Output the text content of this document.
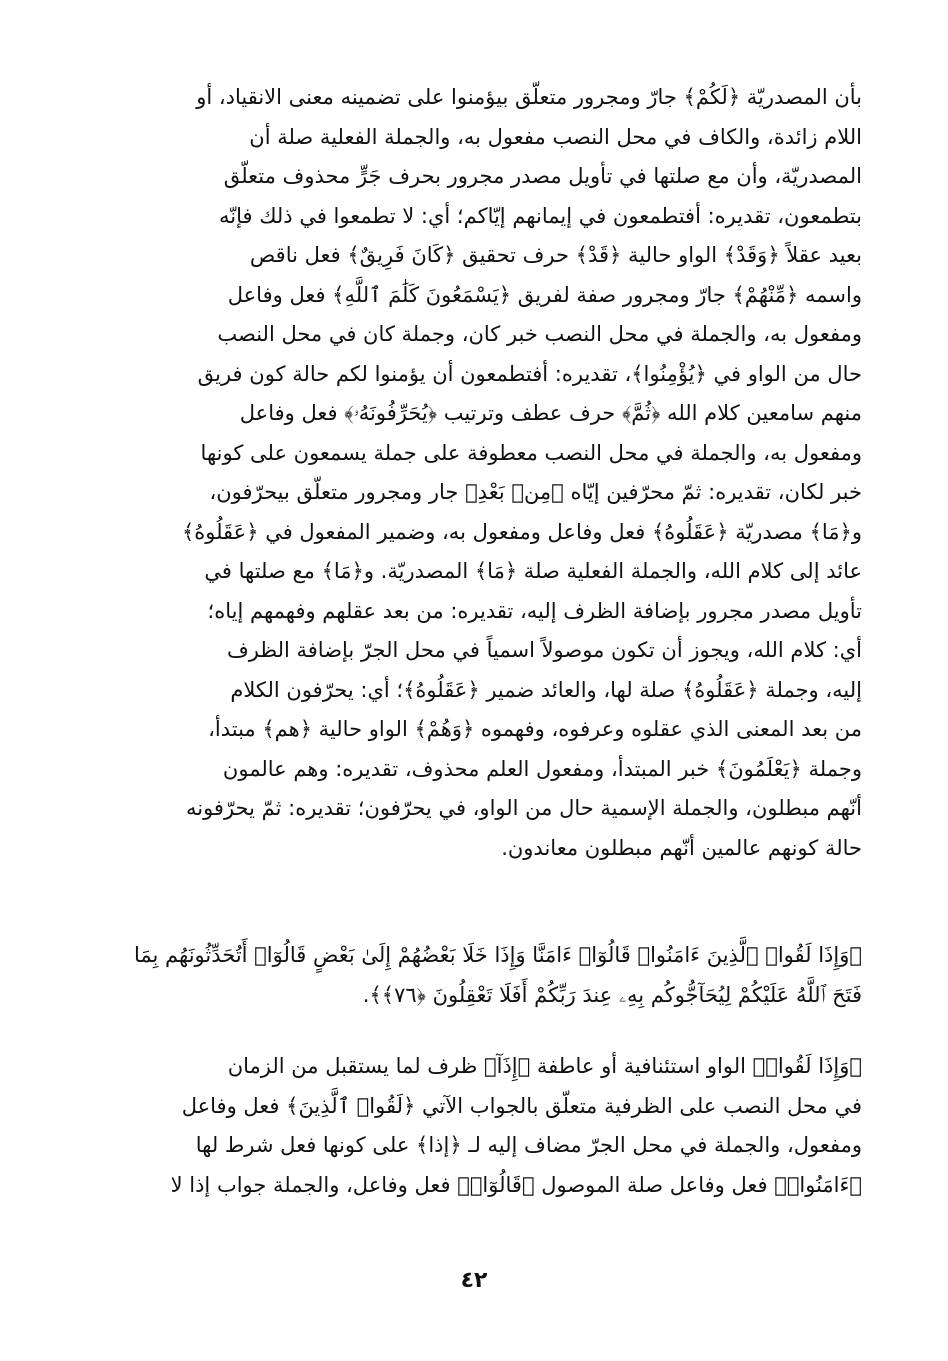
بأن المصدريّة ﴿لَكُمْ﴾ جارّ ومجرور متعلّق بيؤمنوا على تضمينه معنى الانقياد، أو
اللام زائدة، والكاف في محل النصب مفعول به، والجملة الفعلية صلة أن
المصدريّة، وأن مع صلتها في تأويل مصدر مجرور بحرف جَرٍّ محذوف متعلّق
بتطمعون، تقديره: أفتطمعون في إيمانهم إيّاكم؛ أي: لا تطمعوا في ذلك فإنّه
بعيد عقلاً ﴿وَقَدْ﴾ الواو حالية ﴿قَدْ﴾ حرف تحقيق ﴿كَانَ فَرِيقٌ﴾ فعل ناقص
واسمه ﴿مِّنْهُمْ﴾ جارّ ومجرور صفة لفريق ﴿يَسْمَعُونَ كَلَٰمَ ٱللَّهِ﴾ فعل وفاعل
ومفعول به، والجملة في محل النصب خبر كان، وجملة كان في محل النصب
حال من الواو في ﴿يُؤْمِنُوا﴾، تقديره: أفتطمعون أن يؤمنوا لكم حالة كون فريق
منهم سامعين كلام الله ﴿ثُمَّ﴾ حرف عطف وترتيب ﴿يُحَرِّفُونَهُۥ﴾ فعل وفاعل
ومفعول به، والجملة في محل النصب معطوفة على جملة يسمعون على كونها
خبر لكان، تقديره: ثمّ محرّفين إيّاه ﴿مِنۢ بَعْدِ﴾ جار ومجرور متعلّق بيحرّفون،
و﴿مَا﴾ مصدريّة ﴿عَقَلُوهُ﴾ فعل وفاعل ومفعول به، وضمير المفعول في ﴿عَقَلُوهُ﴾
عائد إلى كلام الله، والجملة الفعلية صلة ﴿مَا﴾ المصدريّة. و﴿مَا﴾ مع صلتها في
تأويل مصدر مجرور بإضافة الظرف إليه، تقديره: من بعد عقلهم وفهمهم إياه؛
أي: كلام الله، ويجوز أن تكون موصولاً اسمياً في محل الجرّ بإضافة الظرف
إليه، وجملة ﴿عَقَلُوهُ﴾ صلة لها، والعائد ضمير ﴿عَقَلُوهُ﴾؛ أي: يحرّفون الكلام
من بعد المعنى الذي عقلوه وعرفوه، وفهموه ﴿وَهُمْ﴾ الواو حالية ﴿هم﴾ مبتدأ،
وجملة ﴿يَعْلَمُونَ﴾ خبر المبتدأ، ومفعول العلم محذوف، تقديره: وهم عالمون
أنّهم مبطلون، والجملة الإسمية حال من الواو، في يحرّفون؛ تقديره: ثمّ يحرّفونه
حالة كونهم عالمين أنّهم مبطلون معاندون.
﴿وَإِذَا لَقُوا۟ ٱلَّذِينَ ءَامَنُوا۟ قَالُوٓا۟ ءَامَنَّا وَإِذَا خَلَا بَعْضُهُمْ إِلَىٰ بَعْضٍ قَالُوٓا۟ أَتُحَدِّثُونَهُم بِمَا
فَتَحَ ٱللَّهُ عَلَيْكُمْ لِيُحَآجُّوكُم بِهِۦ عِندَ رَبِّكُمْ أَفَلَا تَعْقِلُونَ ﴿٧٦﴾﴾.
﴿وَإِذَا لَقُوا۟﴾ الواو استئنافية أو عاطفة ﴿إِذَآ﴾ ظرف لما يستقبل من الزمان
في محل النصب على الظرفية متعلّق بالجواب الآتي ﴿لَقُوا۟ ٱلَّذِينَ﴾ فعل وفاعل
ومفعول، والجملة في محل الجرّ مضاف إليه لـ ﴿إذا﴾ على كونها فعل شرط لها
﴿ءَامَنُوا۟﴾ فعل وفاعل صلة الموصول ﴿قَالُوٓا۟﴾ فعل وفاعل، والجملة جواب إذا لا
٤٢
